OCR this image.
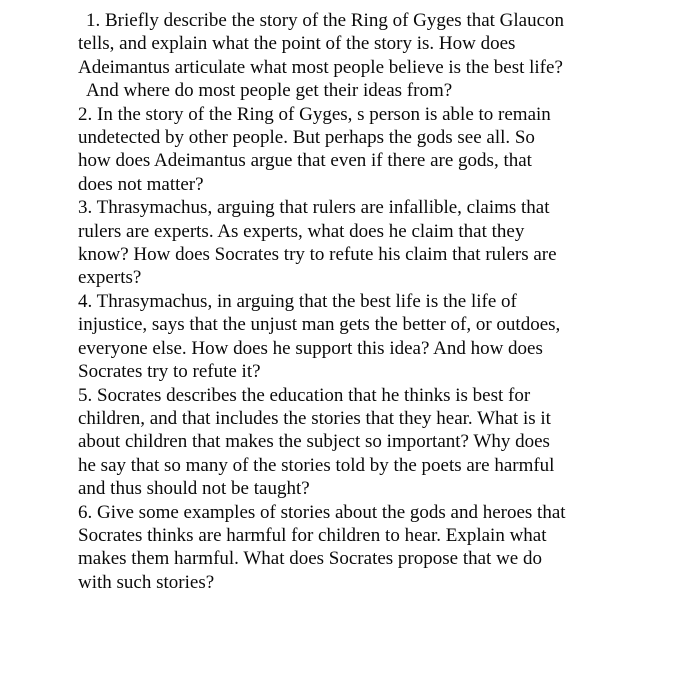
1. Briefly describe the story of the Ring of Gyges that Glaucon
tells, and explain what the point of the story is. How does
Adeimantus articulate what most people believe is the best life?
And where do most people get their ideas from?
2. In the story of the Ring of Gyges, s person is able to remain
undetected by other people. But perhaps the gods see all. So
how does Adeimantus argue that even if there are gods, that
does not matter?
3. Thrasymachus, arguing that rulers are infallible, claims that
rulers are experts. As experts, what does he claim that they
know? How does Socrates try to refute his claim that rulers are
experts?
4. Thrasymachus, in arguing that the best life is the life of
injustice, says that the unjust man gets the better of, or outdoes,
everyone else. How does he support this idea? And how does
Socrates try to refute it?
5. Socrates describes the education that he thinks is best for
children, and that includes the stories that they hear. What is it
about children that makes the subject so important? Why does
he say that so many of the stories told by the poets are harmful
and thus should not be taught?
6. Give some examples of stories about the gods and heroes that
Socrates thinks are harmful for children to hear. Explain what
makes them harmful. What does Socrates propose that we do
with such stories?
